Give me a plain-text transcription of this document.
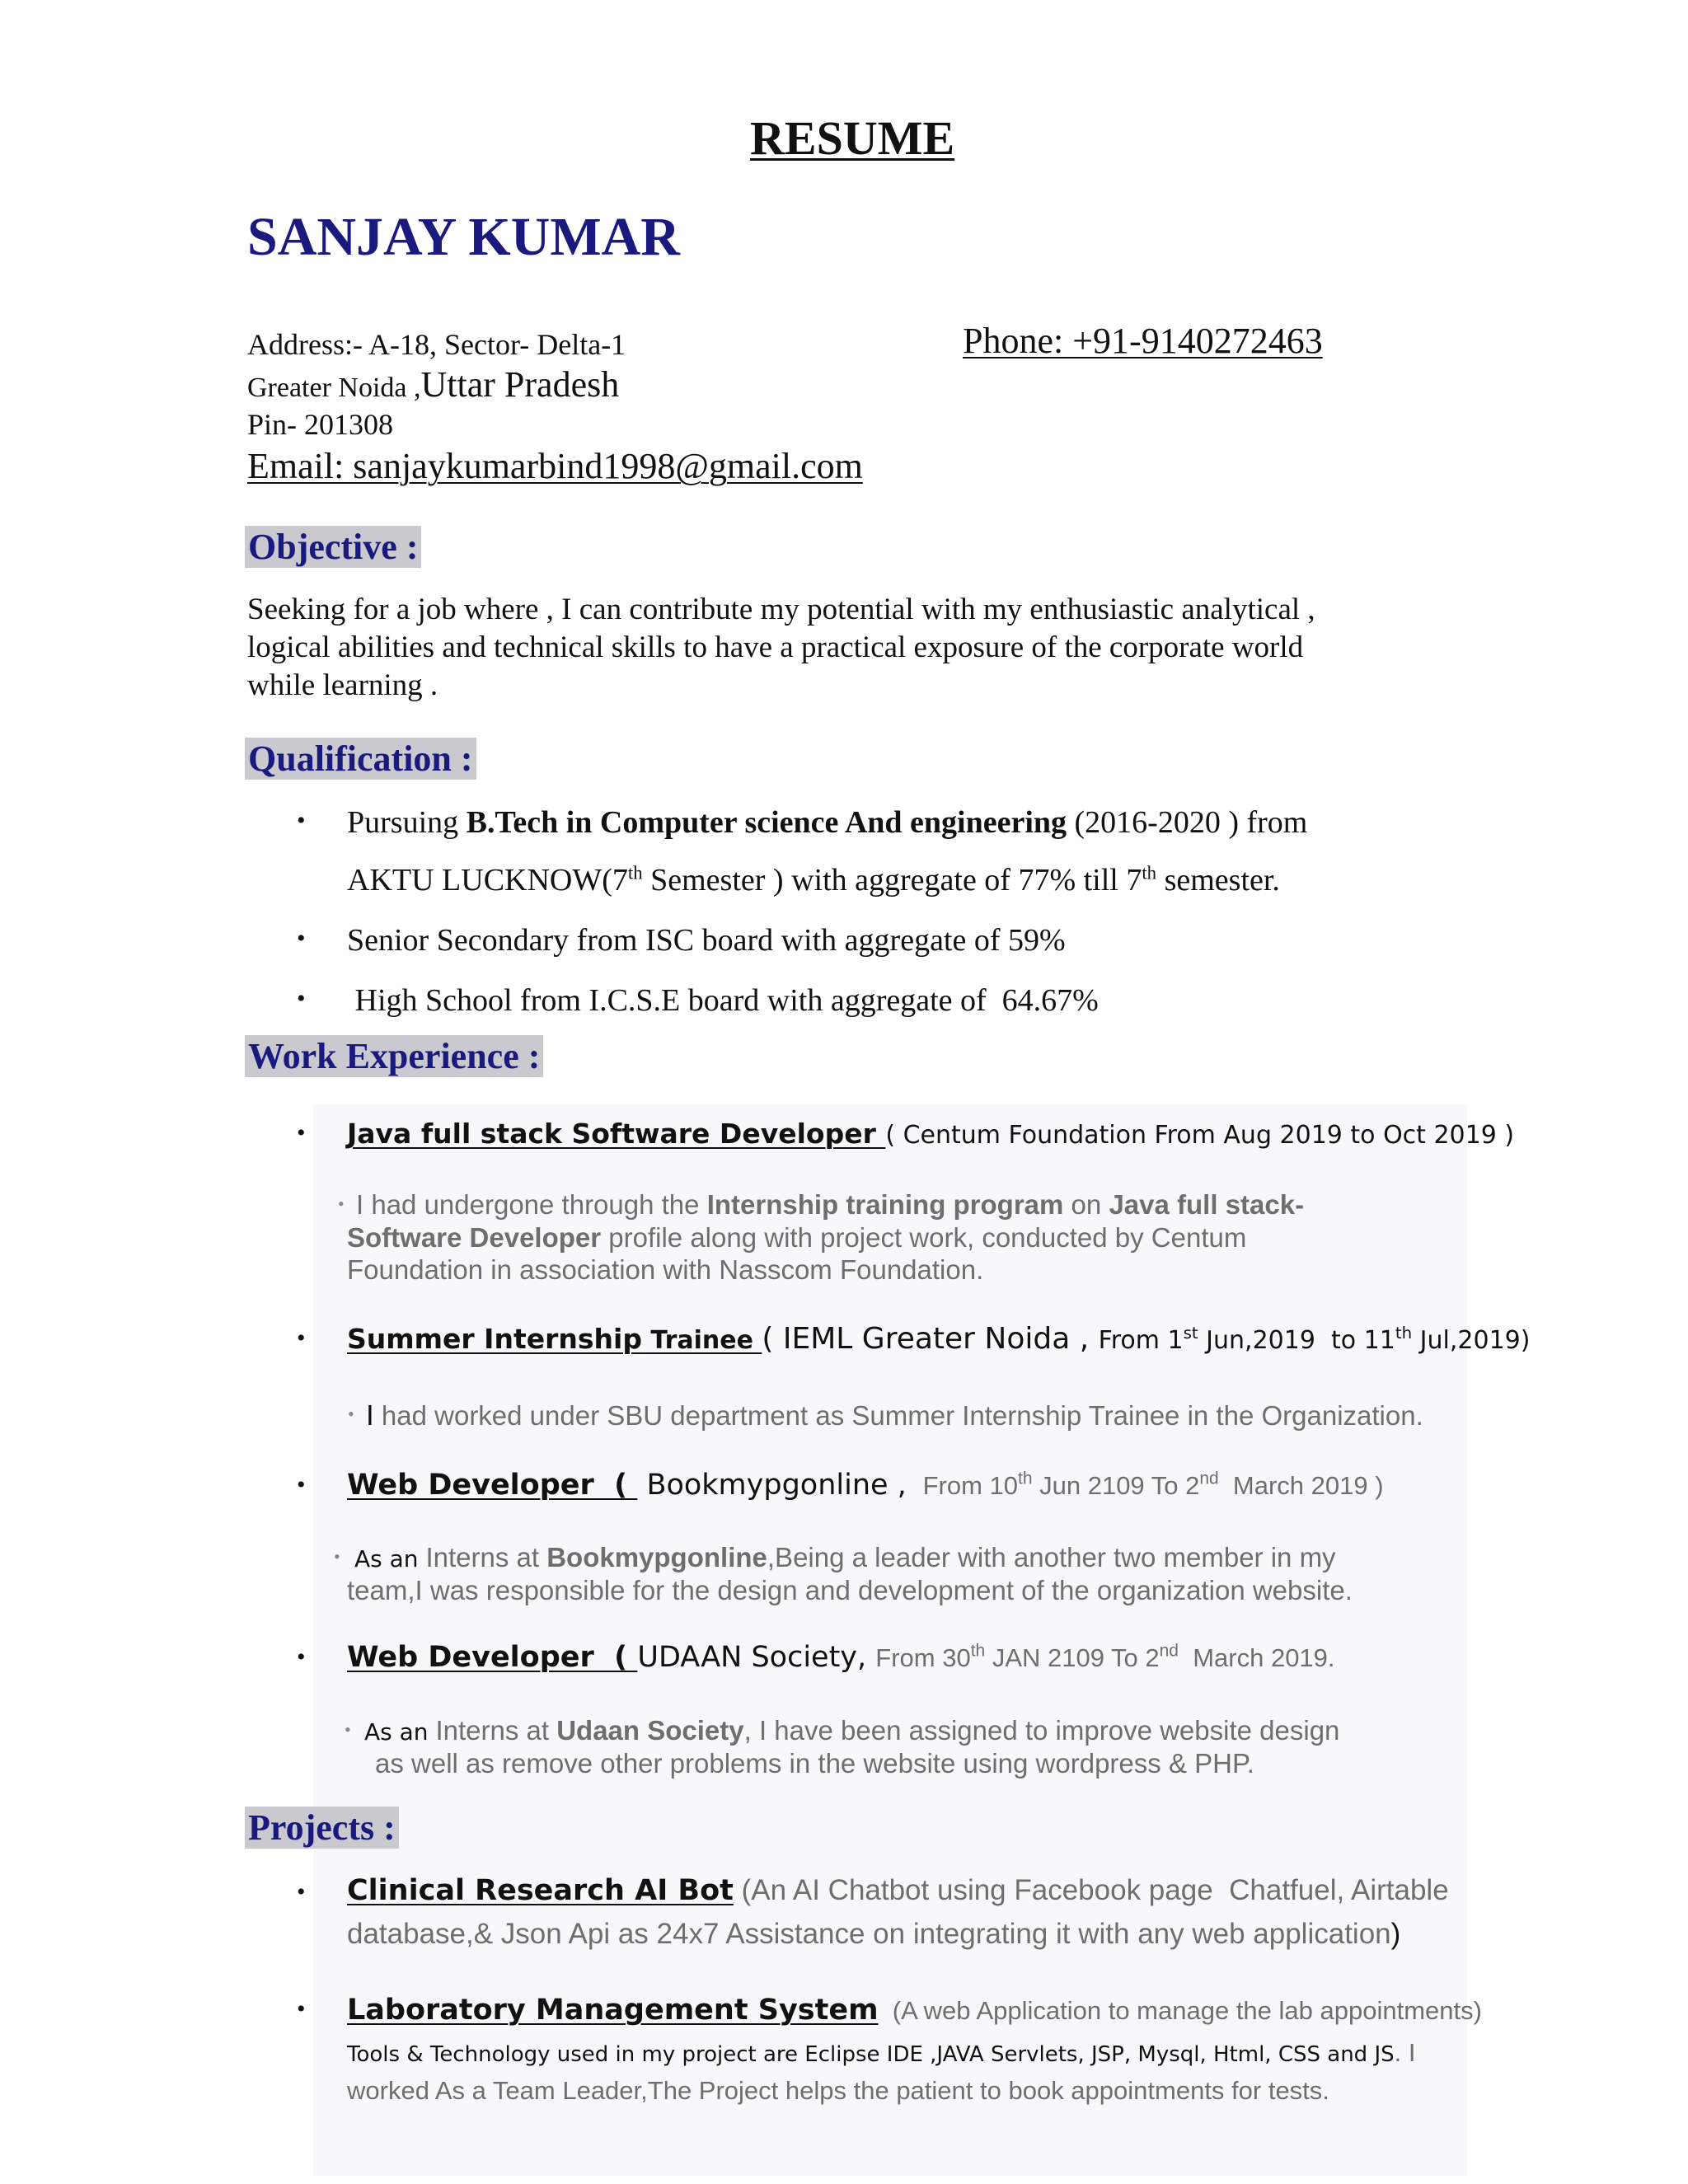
RESUME
SANJAY KUMAR
Address:- A-18, Sector- Delta-1
Greater Noida ,Uttar Pradesh
Pin- 201308
Email: sanjaykumarbind1998@gmail.com
Phone: +91-9140272463
Objective :
Seeking for a job where , I can contribute my potential with my enthusiastic analytical ,
logical abilities and technical skills to have a practical exposure of the corporate world
while learning .
Qualification :
• Pursuing B.Tech in Computer science And engineering (2016-2020 ) from
AKTU LUCKNOW(7th Semester ) with aggregate of 77% till 7th semester.
• Senior Secondary from ISC board with aggregate of 59%
• High School from I.C.S.E board with aggregate of  64.67%
Work Experience :
• Java full stack Software Developer ( Centum Foundation From Aug 2019 to Oct 2019 )
• I had undergone through the Internship training program on Java full stack-
Software Developer profile along with project work, conducted by Centum
Foundation in association with Nasscom Foundation.
• Summer Internship Trainee ( IEML Greater Noida , From 1st Jun,2019  to 11th Jul,2019)
• I had worked under SBU department as Summer Internship Trainee in the Organization.
• Web Developer  (  Bookmypgonline ,  From 10th Jun 2109 To 2nd  March 2019 )
• As an Interns at Bookmypgonline,Being a leader with another two member in my
team,I was responsible for the design and development of the organization website.
• Web Developer  ( UDAAN Society, From 30th JAN 2109 To 2nd  March 2019.
• As an Interns at Udaan Society, I have been assigned to improve website design
as well as remove other problems in the website using wordpress & PHP.
Projects :
• Clinical Research AI Bot (An AI Chatbot using Facebook page  Chatfuel, Airtable
database,& Json Api as 24x7 Assistance on integrating it with any web application)
• Laboratory Management System  (A web Application to manage the lab appointments)
Tools & Technology used in my project are Eclipse IDE ,JAVA Servlets, JSP, Mysql, Html, CSS and JS. I
worked As a Team Leader,The Project helps the patient to book appointments for tests.
